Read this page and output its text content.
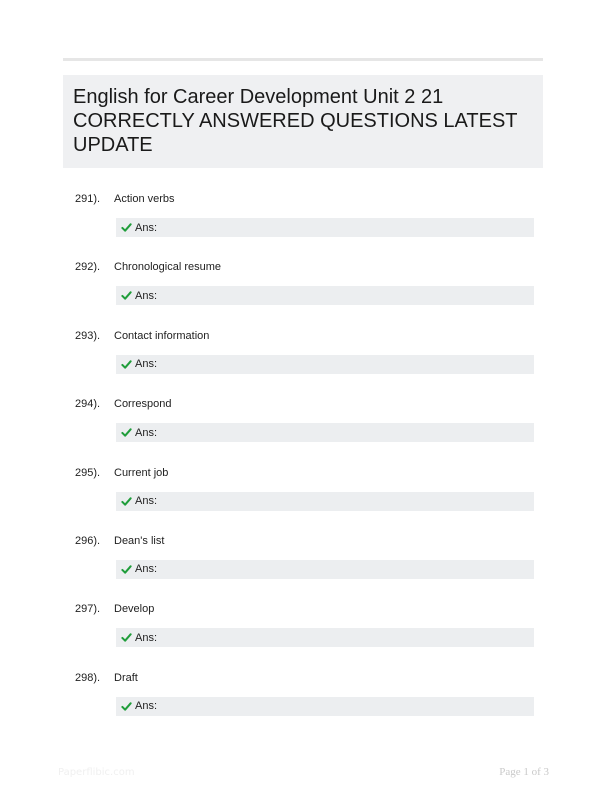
English for Career Development Unit 2 21 CORRECTLY ANSWERED QUESTIONS LATEST UPDATE
291). Action verbs
Ans:
292). Chronological resume
Ans:
293). Contact information
Ans:
294). Correspond
Ans:
295). Current job
Ans:
296). Dean's list
Ans:
297). Develop
Ans:
298). Draft
Ans:
Paperflibic.com	Page 1 of 3
